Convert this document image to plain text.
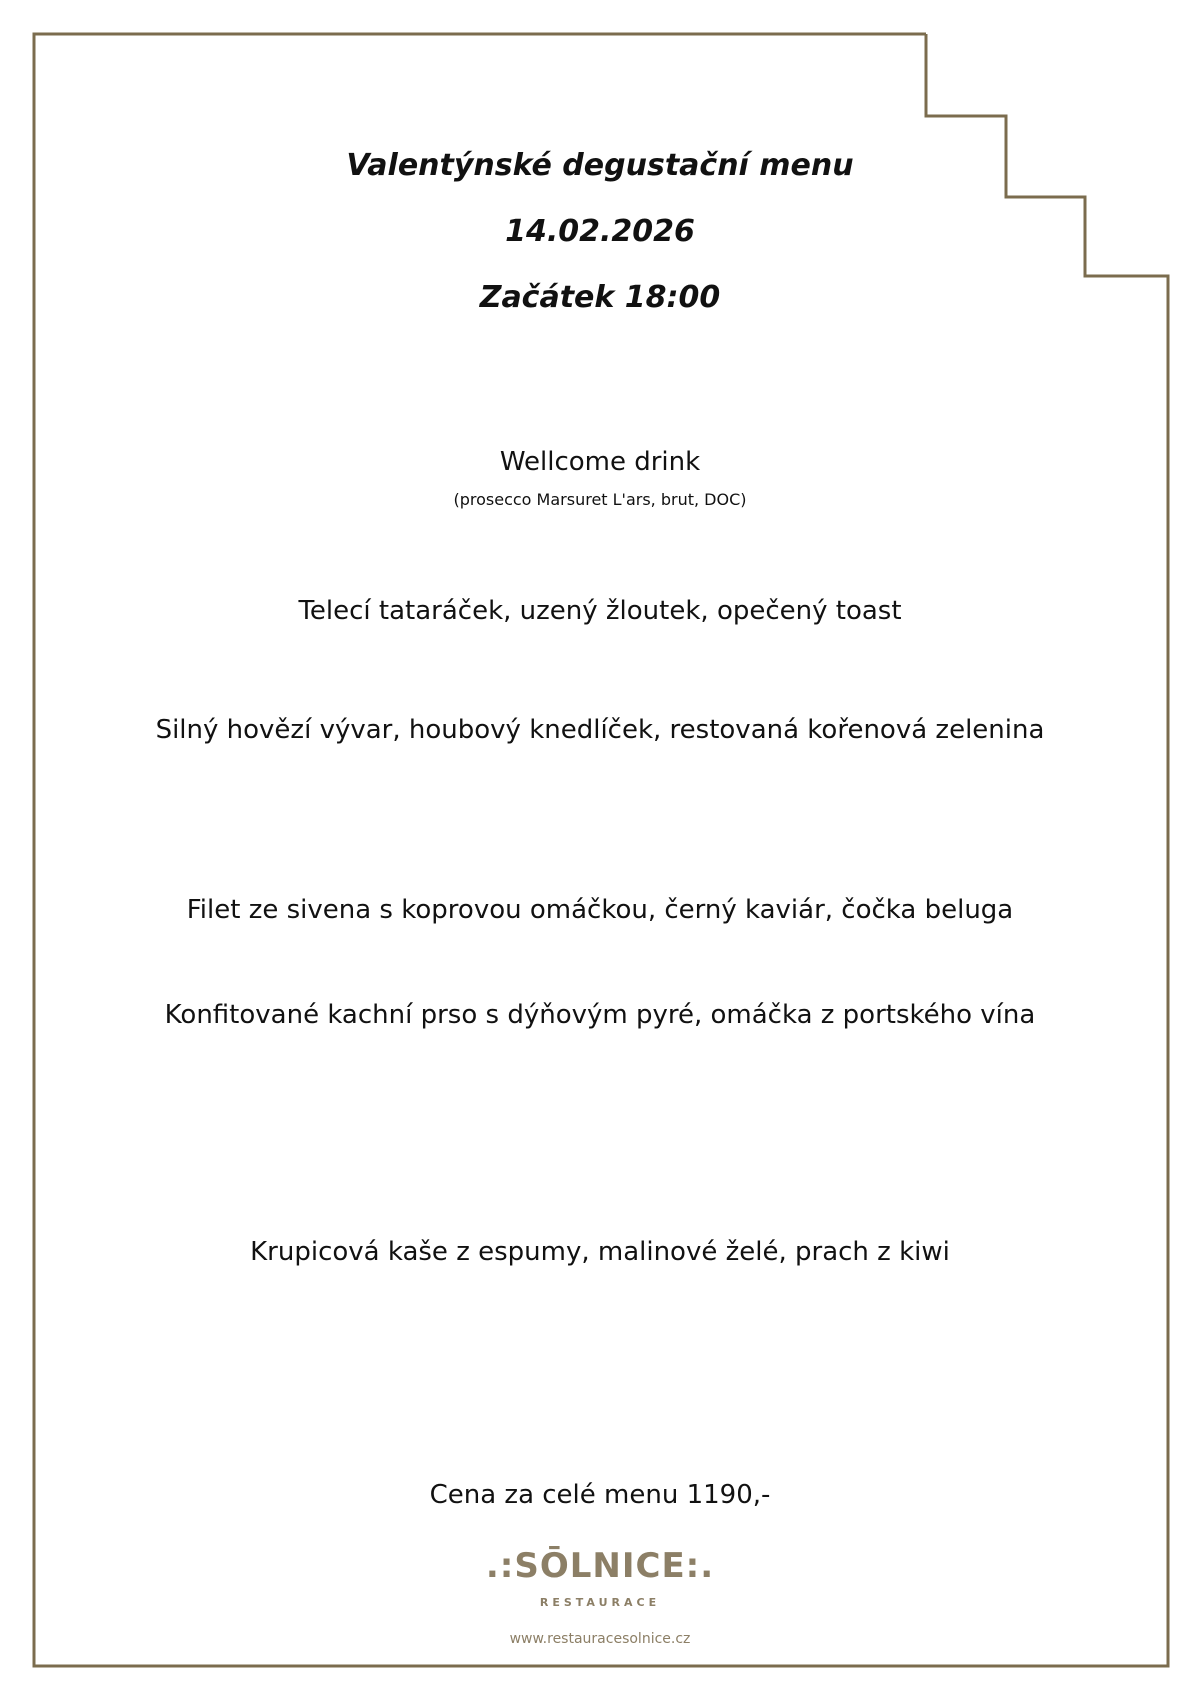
Valentýnské degustační menu
14.02.2026
Začátek 18:00
Wellcome drink
(prosecco Marsuret L'ars, brut, DOC)
Telecí tataráček, uzený žloutek, opečený toast
Silný hovězí vývar, houbový knedlíček, restovaná kořenová zelenina
Filet ze sivena s koprovou omáčkou, černý kaviár, čočka beluga
Konfitované kachní prso s dýňovým pyré, omáčka z portského vína
Krupicová kaše z espumy, malinové želé, prach z kiwi
Cena za celé menu 1190,-
.:SŌLNICE:.
RESTAURACE
www.restauracesolnice.cz
